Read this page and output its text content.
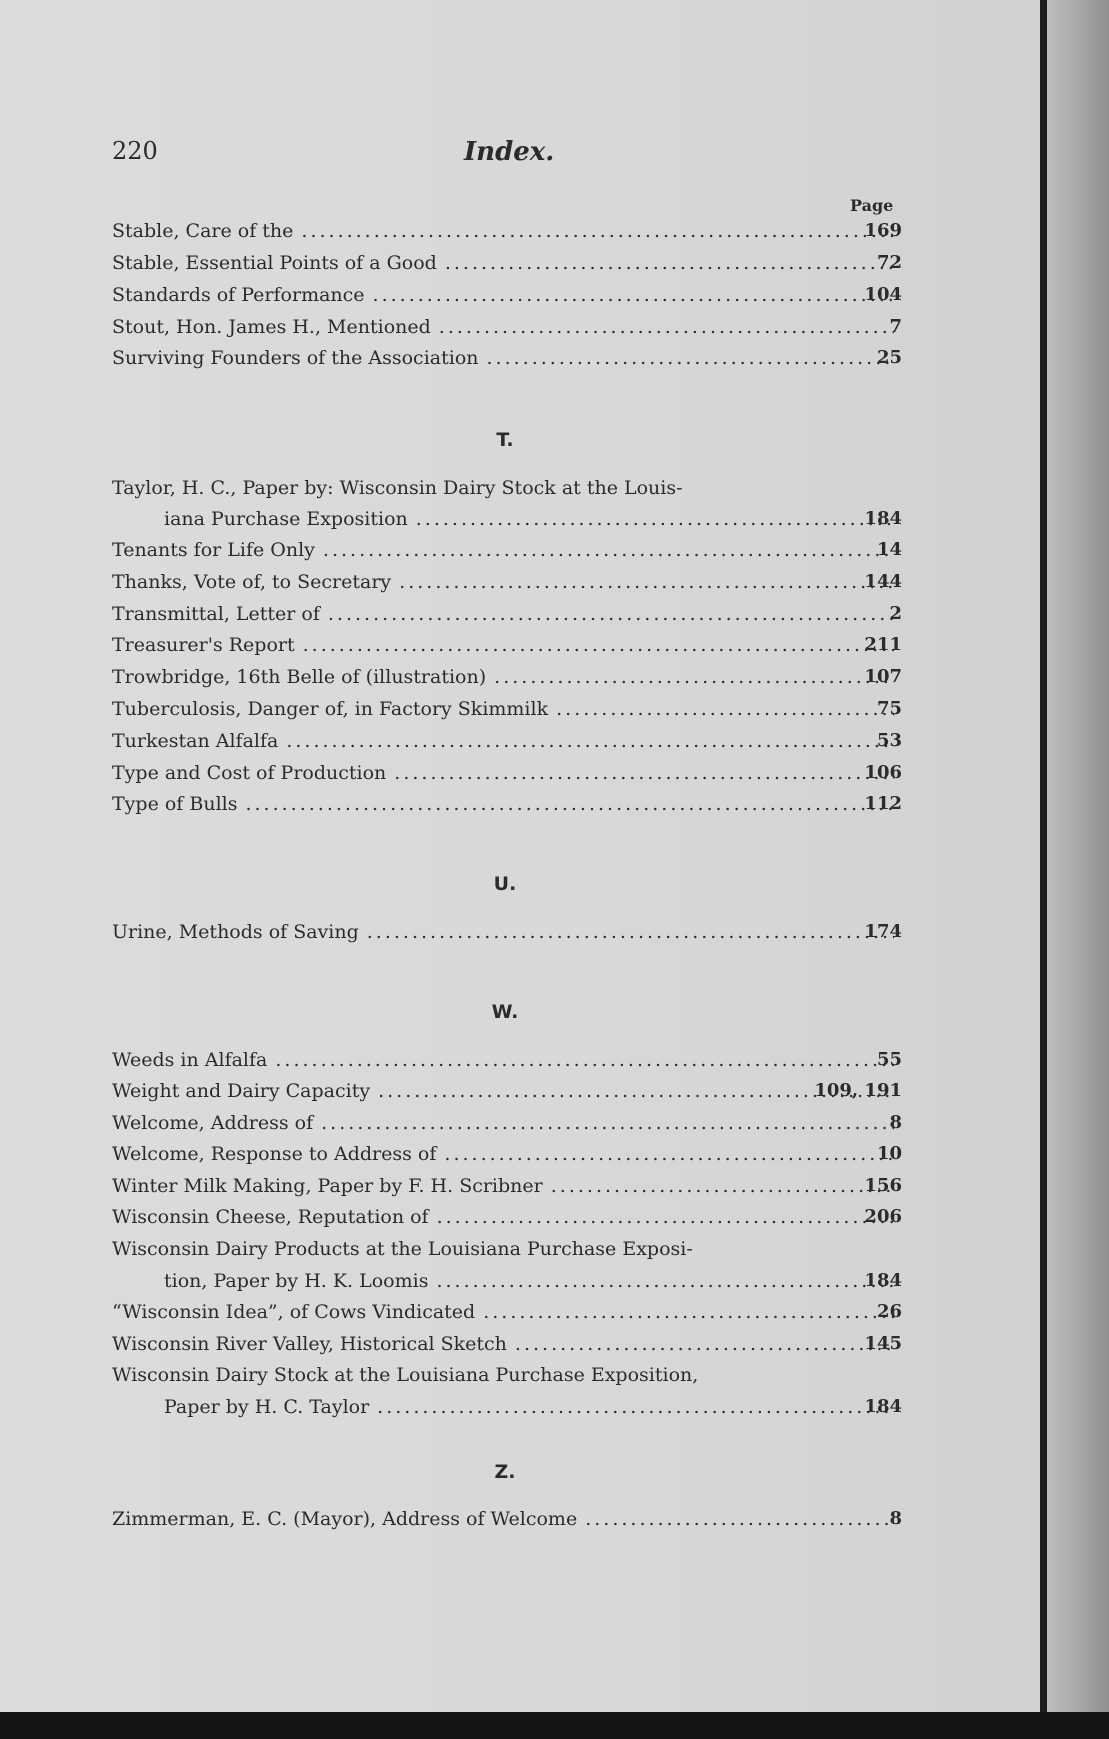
220	Index.
Page
Stable, Care of the .....	169
Stable, Essential Points of a Good .....	72
Standards of Performance .....	104
Stout, Hon. James H., Mentioned .....	7
Surviving Founders of the Association .....	25
T.
Taylor, H. C., Paper by: Wisconsin Dairy Stock at the Louis-
iana Purchase Exposition .....	184
Tenants for Life Only .....	14
Thanks, Vote of, to Secretary .....	144
Transmittal, Letter of .....	2
Treasurer's Report .....	211
Trowbridge, 16th Belle of (illustration) .....	107
Tuberculosis, Danger of, in Factory Skimmilk .....	75
Turkestan Alfalfa .....	53
Type and Cost of Production .....	106
Type of Bulls .....	112
U.
Urine, Methods of Saving .....	174
W.
Weeds in Alfalfa .....	55
Weight and Dairy Capacity .....	109, 191
Welcome, Address of .....	8
Welcome, Response to Address of .....	10
Winter Milk Making, Paper by F. H. Scribner .....	156
Wisconsin Cheese, Reputation of .....	206
Wisconsin Dairy Products at the Louisiana Purchase Exposi-
tion, Paper by H. K. Loomis .....	184
“Wisconsin Idea”, of Cows Vindicated .....	26
Wisconsin River Valley, Historical Sketch .....	145
Wisconsin Dairy Stock at the Louisiana Purchase Exposition,
Paper by H. C. Taylor .....	184
Z.
Zimmerman, E. C. (Mayor), Address of Welcome .....	8
